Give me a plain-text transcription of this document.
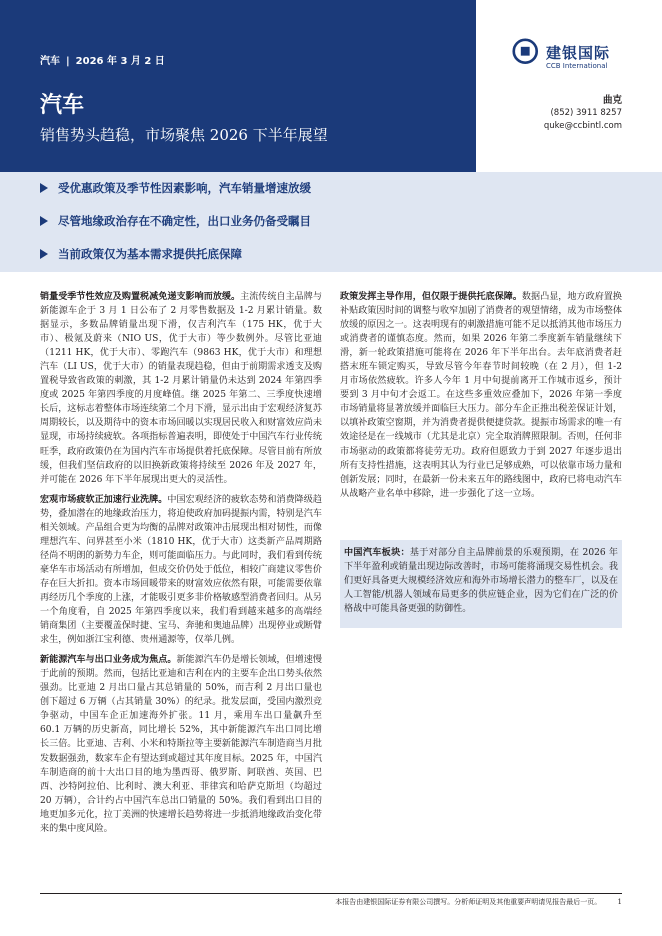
汽车 | 2026 年 3 月 2 日
汽车
销售势头趋稳，市场聚焦 2026 下半年展望
建银国际
CCB International
曲克
(852) 3911 8257
quke@ccbintl.com
受优惠政策及季节性因素影响，汽车销量增速放缓
尽管地缘政治存在不确定性，出口业务仍备受瞩目
当前政策仅为基本需求提供托底保障

销量受季节性效应及购置税减免递支影响而放缓。主流传统自主品牌与新能源车企于 3 月 1 日公布了 2 月零售数据及 1-2 月累计销量。数据显示，多数品牌销量出现下滑，仅吉利汽车（175 HK，优于大市）、极氪及蔚来（NIO US，优于大市）等少数例外。尽管比亚迪（1211 HK，优于大市）、零跑汽车（9863 HK，优于大市）和理想汽车（LI US，优于大市）的销量表现趋稳，但由于前期需求透支及购置税导致省政策的刺激，其 1-2 月累计销量仍未达到 2024 年第四季度或 2025 年第四季度的月度峰值。继 2025 年第二、三季度快速增长后，这标志着整体市场连续第二个月下滑，显示出由于宏观经济复苏周期较长，以及期待中的资本市场回暖以实现居民收入和财富效应尚未显现，市场持续疲软。各项指标普遍表明，即使处于中国汽车行业传统旺季，政府政策仍在为国内汽车市场提供着托底保障。尽管目前有所放缓，但我们坚信政府的以旧换新政策将持续至 2026 年及 2027 年，并可能在 2026 年下半年展现出更大的灵活性。

宏观市场疲软正加速行业洗牌。中国宏观经济的疲软态势和消费降级趋势，叠加潜在的地缘政治压力，将迫使政府加码提振内需，特别是汽车相关领域。产品组合更为均衡的品牌对政策冲击展现出相对韧性，而像理想汽车、问界甚至小米（1810 HK，优于大市）这类新产品周期路径尚不明朗的新势力车企，则可能面临压力。与此同时，我们看到传统豪华车市场活动有所增加，但成交价仍处于低位，相较广商建议零售价存在巨大折扣。资本市场回暖带来的财富效应依然有限，可能需要依靠再经历几个季度的上涨，才能吸引更多非价格敏感型消费者回归。从另一个角度看，自 2025 年第四季度以来，我们看到越来越多的高端经销商集团（主要覆盖保时捷、宝马、奔驰和奥迪品牌）出现停业或断臂求生，例如浙江宝利德、贵州通源等，仅举几例。

新能源汽车与出口业务成为焦点。新能源汽车仍是增长领域，但增速慢于此前的预期。然而，包括比亚迪和吉利在内的主要车企出口势头依然强劲。比亚迪 2 月出口量占其总销量的 50%，而吉利 2 月出口量也创下超过 6 万辆（占其销量 30%）的纪录。批发层面，受国内激烈竞争驱动，中国车企正加速海外扩张。11 月，乘用车出口量飙升至 60.1 万辆的历史新高，同比增长 52%，其中新能源汽车出口同比增长三倍。比亚迪、吉利、小米和特斯拉等主要新能源汽车制造商当月批发数据强劲，数家车企有望达到或超过其年度目标。2025 年，中国汽车制造商的前十大出口目的地为墨西哥、俄罗斯、阿联酋、英国、巴西、沙特阿拉伯、比利时、澳大利亚、菲律宾和哈萨克斯坦（均超过 20 万辆），合计约占中国汽车总出口销量的 50%。我们看到出口目的地更加多元化，拉丁美洲的快速增长趋势将进一步抵消地缘政治变化带来的集中度风险。

政策发挥主导作用，但仅限于提供托底保障。数据凸显，地方政府置换补贴政策因时间的调整与收窄加剧了消费者的观望情绪，成为市场整体放缓的原因之一。这表明现有的刺激措施可能不足以抵消其他市场压力或消费者的谨慎态度。然而，如果 2026 年第二季度新车销量继续下滑，新一轮政策措施可能将在 2026 年下半年出台。去年底消费者赶搭末班车锁定购买，导致尽管今年春节时间较晚（在 2 月），但 1-2 月市场依然疲软。许多人今年 1 月中旬提前离开工作城市返乡，预计要到 3 月中旬才会返工。在这些多重效应叠加下，2026 年第一季度市场销量将显著放缓并面临巨大压力。部分车企正推出税差保证计划，以填补政策空窗期，并为消费者提供便捷贷款。提振市场需求的唯一有效途径是在一线城市（尤其是北京）完全取消牌照限制。否则，任何非市场驱动的政策都将徒劳无功。政府但愿致力于到 2027 年逐步退出所有支持性措施，这表明其认为行业已足够成熟，可以依靠市场力量和创新发展；同时，在最新一份未来五年的路线图中，政府已将电动汽车从战略产业名单中移除，进一步强化了这一立场。

中国汽车板块：基于对部分自主品牌前景的乐观预期，在 2026 年下半年盈利或销量出现边际改善时，市场可能将涌现交易性机会。我们更好具备更大规模经济效应和海外市场增长潜力的整车厂，以及在人工智能/机器人领域布局更多的供应链企业，因为它们在广泛的价格战中可能具备更强的防御性。
本报告由建银国际证券有限公司撰写。分析师证明及其他重要声明请见报告最后一页。 1
